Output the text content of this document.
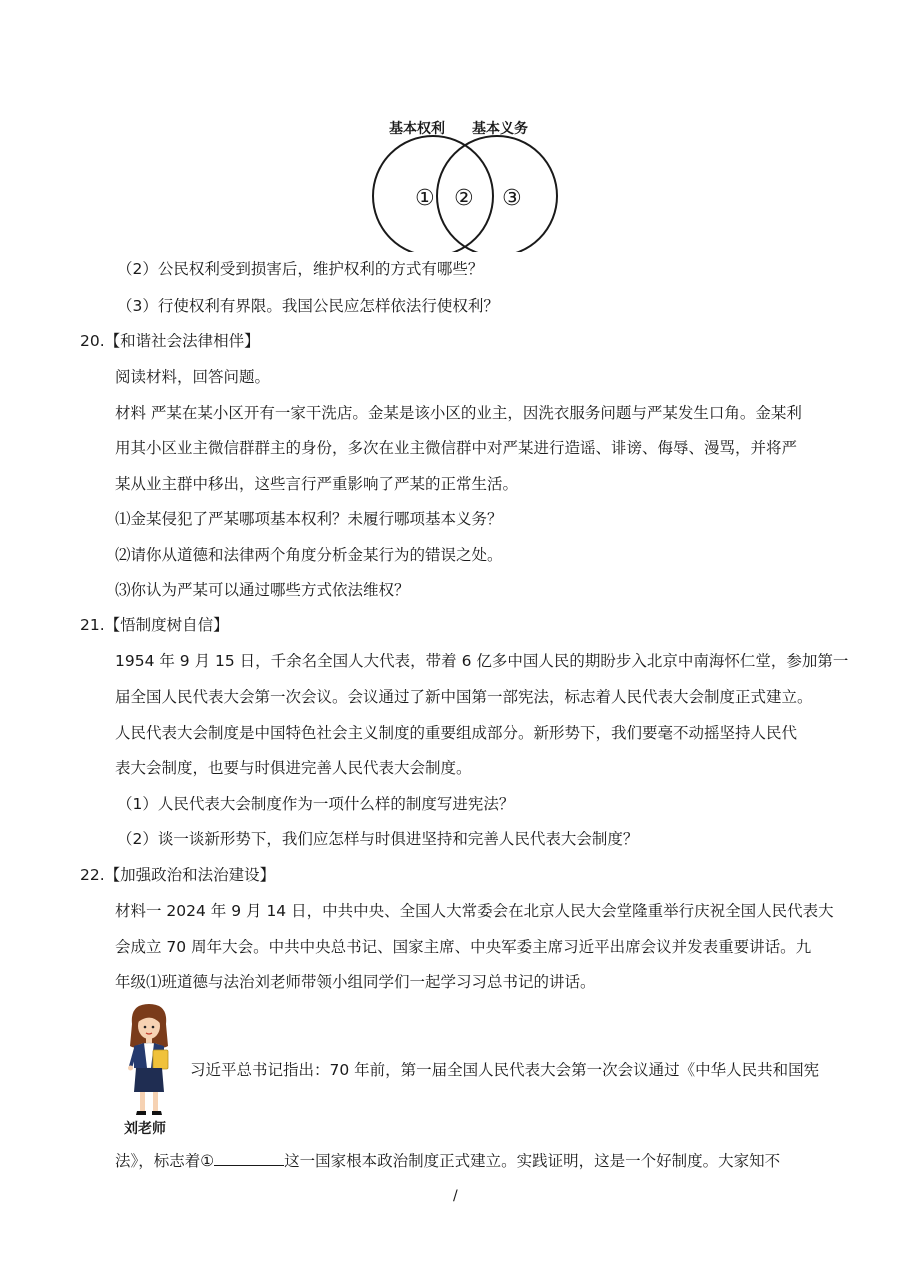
基本权利 基本义务
① ② ③
（2）公民权利受到损害后，维护权利的方式有哪些？
（3）行使权利有界限。我国公民应怎样依法行使权利？
20.【和谐社会法律相伴】
阅读材料，回答问题。
材料 严某在某小区开有一家干洗店。金某是该小区的业主，因洗衣服务问题与严某发生口角。金某利
用其小区业主微信群群主的身份，多次在业主微信群中对严某进行造谣、诽谤、侮辱、漫骂，并将严
某从业主群中移出，这些言行严重影响了严某的正常生活。
⑴金某侵犯了严某哪项基本权利？未履行哪项基本义务？
⑵请你从道德和法律两个角度分析金某行为的错误之处。
⑶你认为严某可以通过哪些方式依法维权？
21.【悟制度树自信】
1954 年 9 月 15 日，千余名全国人大代表，带着 6 亿多中国人民的期盼步入北京中南海怀仁堂，参加第一
届全国人民代表大会第一次会议。会议通过了新中国第一部宪法，标志着人民代表大会制度正式建立。
人民代表大会制度是中国特色社会主义制度的重要组成部分。新形势下，我们要毫不动摇坚持人民代
表大会制度，也要与时俱进完善人民代表大会制度。
（1）人民代表大会制度作为一项什么样的制度写进宪法？
（2）谈一谈新形势下，我们应怎样与时俱进坚持和完善人民代表大会制度？
22.【加强政治和法治建设】
材料一 2024 年 9 月 14 日，中共中央、全国人大常委会在北京人民大会堂隆重举行庆祝全国人民代表大
会成立 70 周年大会。中共中央总书记、国家主席、中央军委主席习近平出席会议并发表重要讲话。九
年级⑴班道德与法治刘老师带领小组同学们一起学习习总书记的讲话。
刘老师
习近平总书记指出：70 年前，第一届全国人民代表大会第一次会议通过《中华人民共和国宪
法》，标志着①	这一国家根本政治制度正式建立。实践证明，这是一个好制度。大家知不
/
